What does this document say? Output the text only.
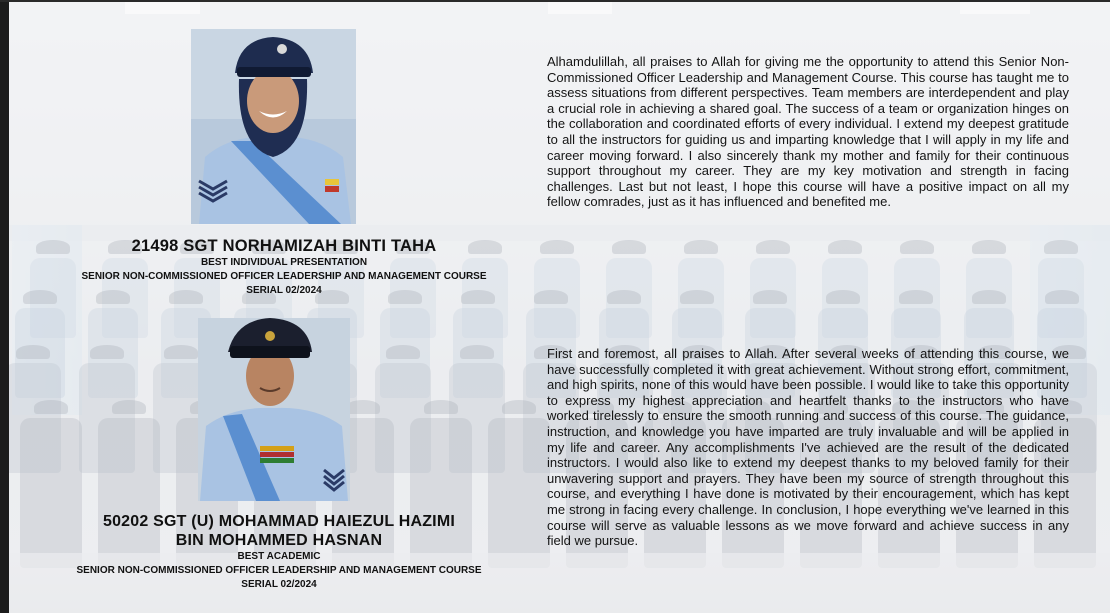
21498 SGT NORHAMIZAH BINTI TAHA
BEST INDIVIDUAL PRESENTATION
SENIOR NON-COMMISSIONED OFFICER LEADERSHIP AND MANAGEMENT COURSE
SERIAL 02/2024
50202 SGT (U) MOHAMMAD HAIEZUL HAZIMI
BIN MOHAMMED HASNAN
BEST ACADEMIC
SENIOR NON-COMMISSIONED OFFICER LEADERSHIP AND MANAGEMENT COURSE
SERIAL 02/2024
Alhamdulillah, all praises to Allah for giving me the opportunity to attend this Senior Non-Commissioned Officer Leadership and Management Course. This course has taught me to assess situations from different perspectives. Team members are interdependent and play a crucial role in achieving a shared goal. The success of a team or organization hinges on the collaboration and coordinated efforts of every individual. I extend my deepest gratitude to all the instructors for guiding us and imparting knowledge that I will apply in my life and career moving forward. I also sincerely thank my mother and family for their continuous support throughout my career. They are my key motivation and strength in facing challenges. Last but not least, I hope this course will have a positive impact on all my fellow comrades, just as it has influenced and benefited me.
First and foremost, all praises to Allah. After several weeks of attending this course, we have successfully completed it with great achievement. Without strong effort, commitment, and high spirits, none of this would have been possible. I would like to take this opportunity to express my highest appreciation and heartfelt thanks to the instructors who have worked tirelessly to ensure the smooth running and success of this course. The guidance, instruction, and knowledge you have imparted are truly invaluable and will be applied in my life and career. Any accomplishments I've achieved are the result of the dedicated instructors. I would also like to extend my deepest thanks to my beloved family for their unwavering support and prayers. They have been my source of strength throughout this course, and everything I have done is motivated by their encouragement, which has kept me strong in facing every challenge. In conclusion, I hope everything we've learned in this course will serve as valuable lessons as we move forward and achieve success in any field we pursue.
